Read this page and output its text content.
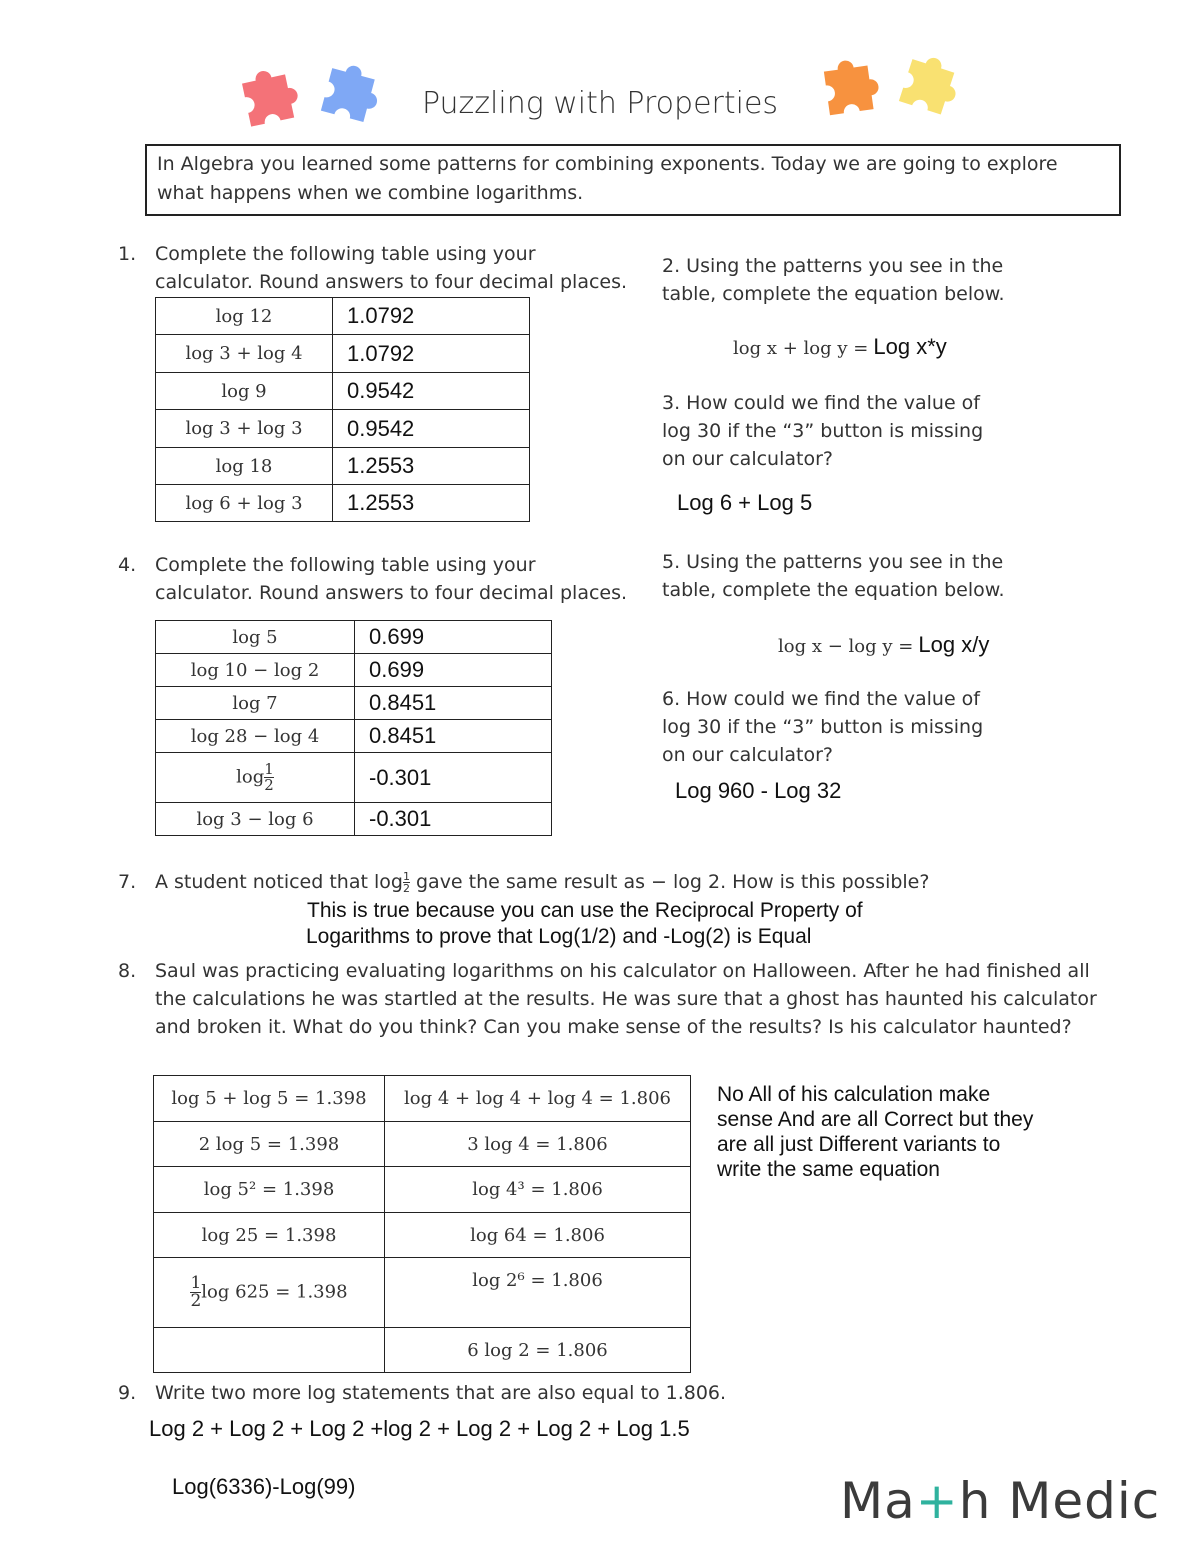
Puzzling with Properties
In Algebra you learned some patterns for combining exponents. Today we are going to explore what happens when we combine logarithms.
1. Complete the following table using your calculator. Round answers to four decimal places.
log 12	1.0792
log 3 + log 4	1.0792
log 9	0.9542
log 3 + log 3	0.9542
log 18	1.2553
log 6 + log 3	1.2553
2. Using the patterns you see in the table, complete the equation below.
log x + log y = Log x*y
3. How could we find the value of log 30 if the “3” button is missing on our calculator?
Log 6 + Log 5
4. Complete the following table using your calculator. Round answers to four decimal places.
log 5	0.699
log 10 − log 2	0.699
log 7	0.8451
log 28 − log 4	0.8451
$\log \frac{1}{2}$	-0.301
log 3 − log 6	-0.301
5. Using the patterns you see in the table, complete the equation below.
log x − log y = Log x/y
6. How could we find the value of log 30 if the “3” button is missing on our calculator?
Log 960 - Log 32
7. A student noticed that $\log \frac{1}{2}$ gave the same result as − log 2. How is this possible?
This is true because you can use the Reciprocal Property of
Logarithms to prove that Log(1/2) and -Log(2) is Equal
8. Saul was practicing evaluating logarithms on his calculator on Halloween. After he had finished all the calculations he was startled at the results. He was sure that a ghost has haunted his calculator and broken it. What do you think? Can you make sense of the results? Is his calculator haunted?
log 5 + log 5 = 1.398	log 4 + log 4 + log 4 = 1.806
2 log 5 = 1.398	3 log 4 = 1.806
log 5² = 1.398	log 4³ = 1.806
log 25 = 1.398	log 64 = 1.806

$\frac{1}{2}$ log 625 = 1.398	log 2⁶ = 1.806
	6 log 2 = 1.806
No All of his calculation make
sense And are all Correct but they
are all just Different variants to
write the same equation
9. Write two more log statements that are also equal to 1.806.
Log 2 + Log 2 + Log 2 +log 2 + Log 2 + Log 2 + Log 1.5
Log(6336)-Log(99)	Ma+h Medic
